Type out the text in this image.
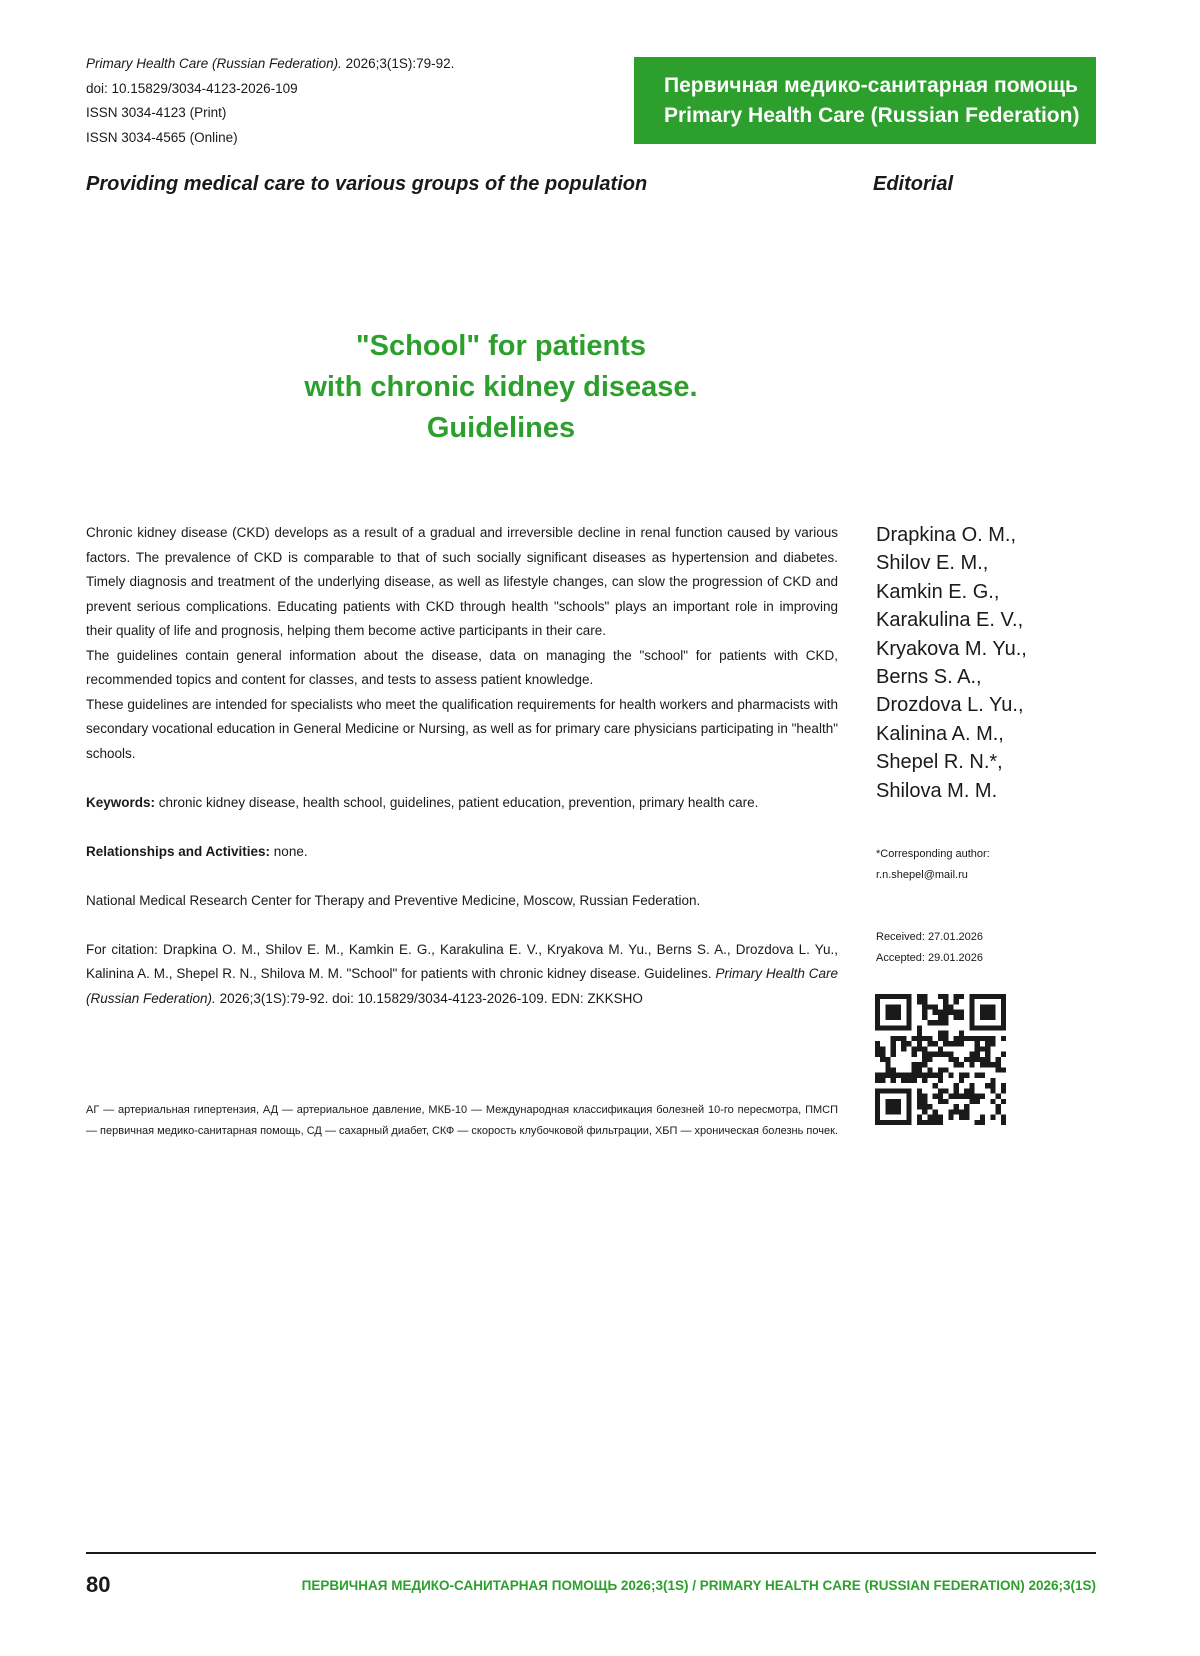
Primary Health Care (Russian Federation). 2026;3(1S):79-92.
doi: 10.15829/3034-4123-2026-109
ISSN 3034-4123 (Print)
ISSN 3034-4565 (Online)
Первичная медико-санитарная помощь
Primary Health Care (Russian Federation)
Providing medical care to various groups of the population	Editorial
"School" for patients
with chronic kidney disease.
Guidelines

Chronic kidney disease (CKD) develops as a result of a gradual and irreversible decline in renal function caused by various factors. The prevalence of CKD is comparable to that of such socially significant diseases as hypertension and diabetes. Timely diagnosis and treatment of the underlying disease, as well as lifestyle changes, can slow the progression of CKD and prevent serious complications. Educating patients with CKD through health "schools" plays an important role in improving their quality of life and prognosis, helping them become active participants in their care.

The guidelines contain general information about the disease, data on managing the "school" for patients with CKD, recommended topics and content for classes, and tests to assess patient knowledge.

These guidelines are intended for specialists who meet the qualification requirements for health workers and pharmacists with secondary vocational education in General Medicine or Nursing, as well as for primary care physicians participating in "health" schools.

Keywords: chronic kidney disease, health school, guidelines, patient education, prevention, primary health care.

Relationships and Activities: none.

National Medical Research Center for Therapy and Preventive Medicine, Moscow, Russian Federation.

For citation: Drapkina O. M., Shilov E. M., Kamkin E. G., Karakulina E. V., Kryakova M. Yu., Berns S. A., Drozdova L. Yu., Kalinina A. M., Shepel R. N., Shilova M. M. "School" for patients with chronic kidney disease. Guidelines. Primary Health Care (Russian Federation). 2026;3(1S):79-92. doi: 10.15829/3034-4123-2026-109. EDN: ZKKSHO

АГ — артериальная гипертензия, АД — артериальное давление, МКБ-10 — Международная классификация болезней 10-го пересмотра, ПМСП — первичная медико-санитарная помощь, СД — сахарный диабет, СКФ — скорость клубочковой фильтрации, ХБП — хроническая болезнь почек.
Drapkina O. M.,
Shilov E. M.,
Kamkin E. G.,
Karakulina E. V.,
Kryakova M. Yu.,
Berns S. A.,
Drozdova L. Yu.,
Kalinina A. M.,
Shepel R. N.*,
Shilova M. M.
*Corresponding author:
r.n.shepel@mail.ru
Received: 27.01.2026
Accepted: 29.01.2026
80	ПЕРВИЧНАЯ МЕДИКО-САНИТАРНАЯ ПОМОЩЬ 2026;3(1S) / PRIMARY HEALTH CARE (RUSSIAN FEDERATION) 2026;3(1S)
